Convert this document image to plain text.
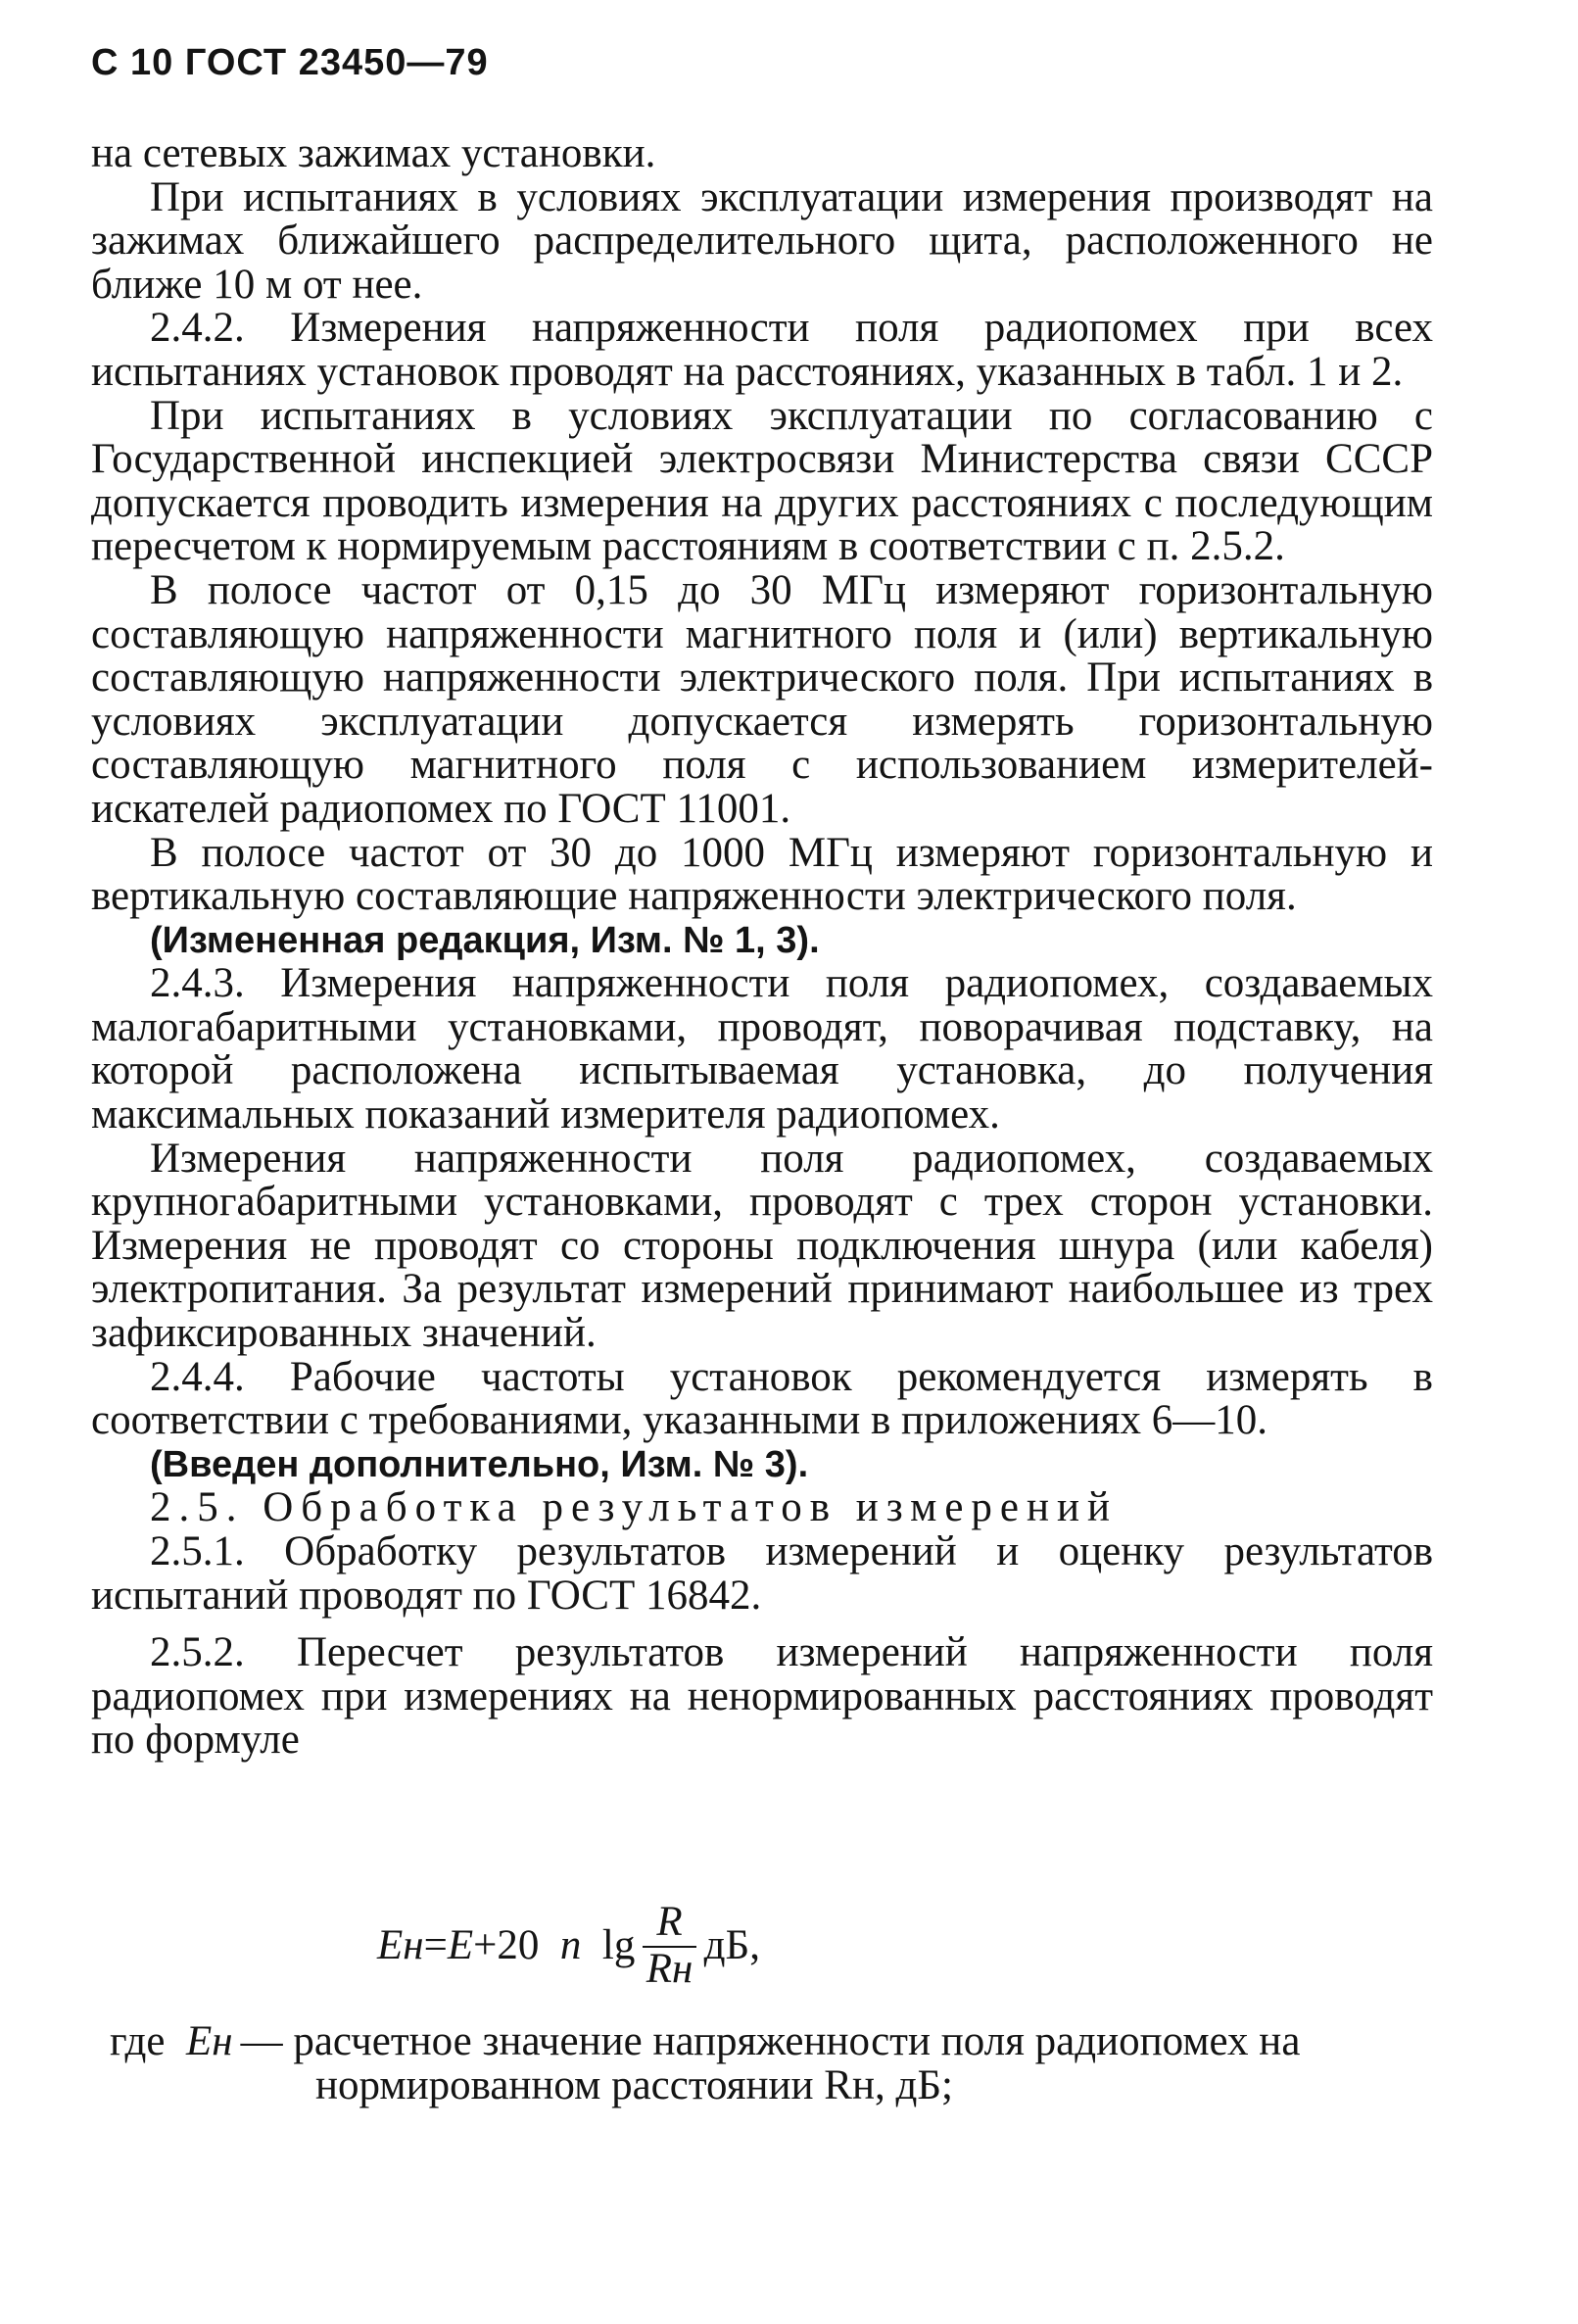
С 10 ГОСТ 23450—79

на сетевых зажимах установки.

При испытаниях в условиях эксплуатации измерения производят на зажимах ближайшего распределительного щита, расположенного не ближе 10 м от нее.

2.4.2. Измерения напряженности поля радиопомех при всех испытаниях установок проводят на расстояниях, указанных в табл. 1 и 2.

При испытаниях в условиях эксплуатации по согласованию с Государственной инспекцией электросвязи Министерства связи СССР допускается проводить измерения на других расстояниях с последующим пересчетом к нормируемым расстояниям в соответствии с п. 2.5.2.

В полосе частот от 0,15 до 30 МГц измеряют горизонтальную составляющую напряженности магнитного поля и (или) вертикальную составляющую напряженности электрического поля. При испытаниях в условиях эксплуатации допускается измерять горизонтальную составляющую магнитного поля с использованием измерителей-искателей радиопомех по ГОСТ 11001.

В полосе частот от 30 до 1000 МГц измеряют горизонтальную и вертикальную составляющие напряженности электрического поля.

(Измененная редакция, Изм. № 1, 3).

2.4.3. Измерения напряженности поля радиопомех, создаваемых малогабаритными установками, проводят, поворачивая подставку, на которой расположена испытываемая установка, до получения максимальных показаний измерителя радиопомех.

Измерения напряженности поля радиопомех, создаваемых крупногабаритными установками, проводят с трех сторон установки. Измерения не проводят со стороны подключения шнура (или кабеля) электропитания. За результат измерений принимают наибольшее из трех зафиксированных значений.

2.4.4. Рабочие частоты установок рекомендуется измерять в соответствии с требованиями, указанными в приложениях 6—10.

(Введен дополнительно, Изм. № 3).

2.5. Обработка результатов измерений

2.5.1. Обработку результатов измерений и оценку результатов испытаний проводят по ГОСТ 16842.

2.5.2. Пересчет результатов измерений напряженности поля радиопомех при измерениях на ненормированных расстояниях проводят по формуле

Eн = E +20
n
$\lg \frac{R}{Rн}$ дБ,
где
Eн — расчетное значение напряженности поля радиопомех на
нормированном расстоянии Rн, дБ;
